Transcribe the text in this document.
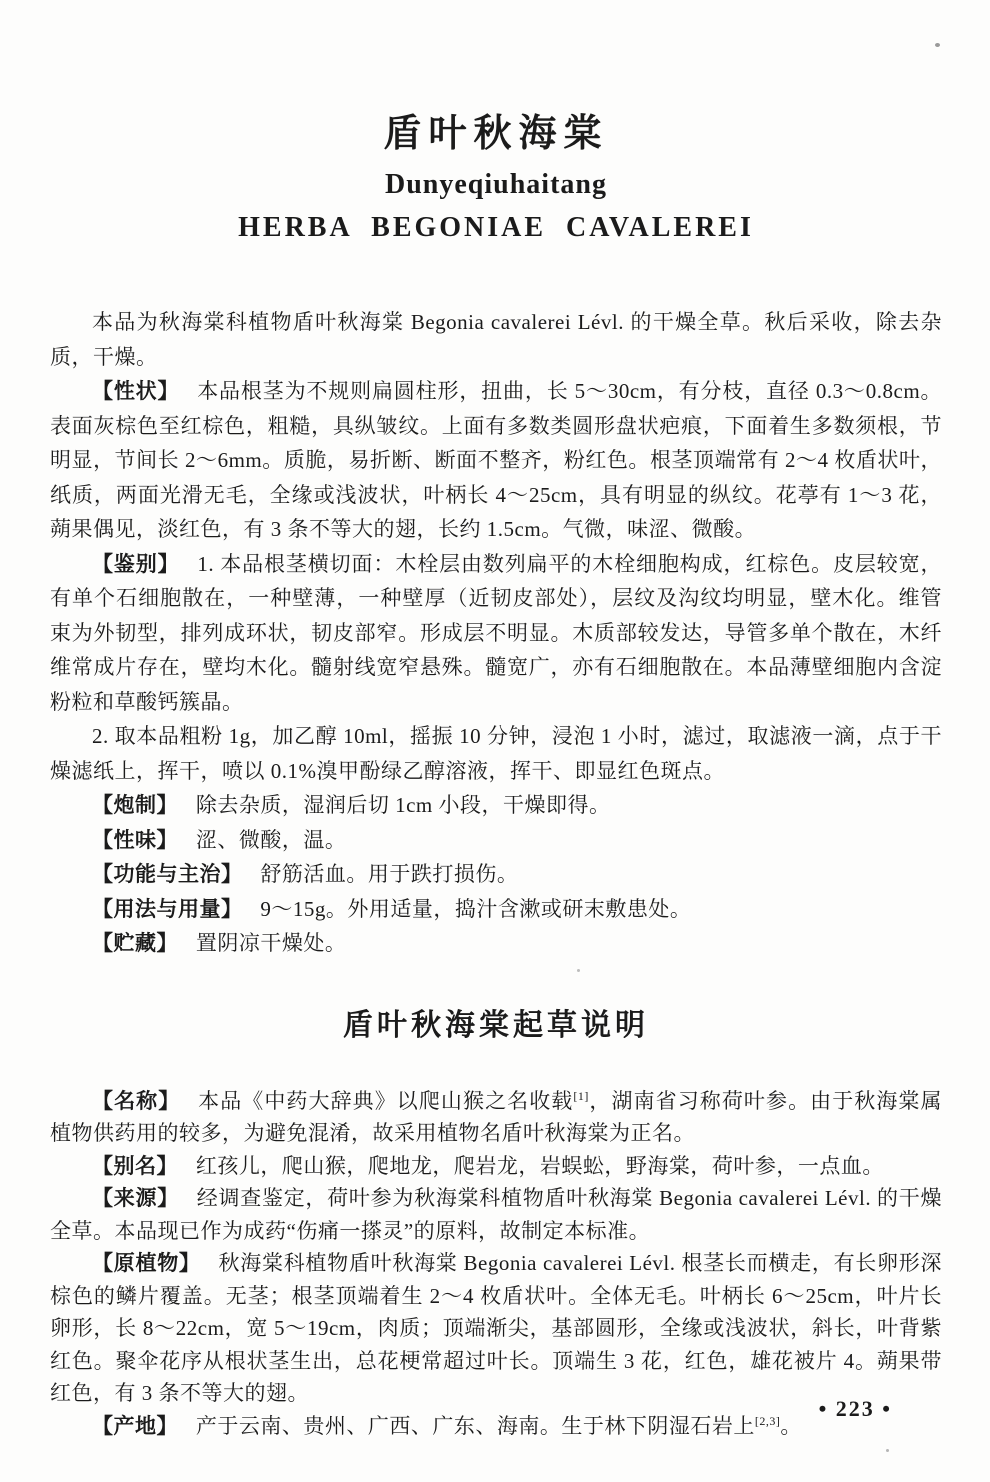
盾叶秋海棠
Dunyeqiuhaitang
HERBA BEGONIAE CAVALEREI

本品为秋海棠科植物盾叶秋海棠 Begonia cavalerei Lévl. 的干燥全草。秋后采收，除去杂质，干燥。

【性状】 本品根茎为不规则扁圆柱形，扭曲，长 5～30cm，有分枝，直径 0.3～0.8cm。表面灰棕色至红棕色，粗糙，具纵皱纹。上面有多数类圆形盘状疤痕，下面着生多数须根，节明显，节间长 2～6mm。质脆，易折断、断面不整齐，粉红色。根茎顶端常有 2～4 枚盾状叶，纸质，两面光滑无毛，全缘或浅波状，叶柄长 4～25cm，具有明显的纵纹。花葶有 1～3 花，蒴果偶见，淡红色，有 3 条不等大的翅，长约 1.5cm。气微，味涩、微酸。

【鉴别】 1. 本品根茎横切面：木栓层由数列扁平的木栓细胞构成，红棕色。皮层较宽，有单个石细胞散在，一种壁薄，一种壁厚（近韧皮部处），层纹及沟纹均明显，壁木化。维管束为外韧型，排列成环状，韧皮部窄。形成层不明显。木质部较发达，导管多单个散在，木纤维常成片存在，壁均木化。髓射线宽窄悬殊。髓宽广，亦有石细胞散在。本品薄壁细胞内含淀粉粒和草酸钙簇晶。

2. 取本品粗粉 1g，加乙醇 10ml，摇振 10 分钟，浸泡 1 小时，滤过，取滤液一滴，点于干燥滤纸上，挥干，喷以 0.1%溴甲酚绿乙醇溶液，挥干、即显红色斑点。

【炮制】 除去杂质，湿润后切 1cm 小段，干燥即得。

【性味】 涩、微酸，温。

【功能与主治】 舒筋活血。用于跌打损伤。

【用法与用量】 9～15g。外用适量，捣汁含漱或研末敷患处。

【贮藏】 置阴凉干燥处。

盾叶秋海棠起草说明

【名称】 本品《中药大辞典》以爬山猴之名收载[1]，湖南省习称荷叶参。由于秋海棠属植物供药用的较多，为避免混淆，故采用植物名盾叶秋海棠为正名。

【别名】 红孩儿，爬山猴，爬地龙，爬岩龙，岩蜈蚣，野海棠，荷叶参，一点血。

【来源】 经调查鉴定，荷叶参为秋海棠科植物盾叶秋海棠 Begonia cavalerei Lévl. 的干燥全草。本品现已作为成药“伤痛一搽灵”的原料，故制定本标准。

【原植物】 秋海棠科植物盾叶秋海棠 Begonia cavalerei Lévl. 根茎长而横走，有长卵形深棕色的鳞片覆盖。无茎；根茎顶端着生 2～4 枚盾状叶。全体无毛。叶柄长 6～25cm，叶片长卵形，长 8～22cm，宽 5～19cm，肉质；顶端渐尖，基部圆形，全缘或浅波状，斜长，叶背紫红色。聚伞花序从根状茎生出，总花梗常超过叶长。顶端生 3 花，红色，雄花被片 4。蒴果带红色，有 3 条不等大的翅。

【产地】 产于云南、贵州、广西、广东、海南。生于林下阴湿石岩上[2,3]。

• 223 •
